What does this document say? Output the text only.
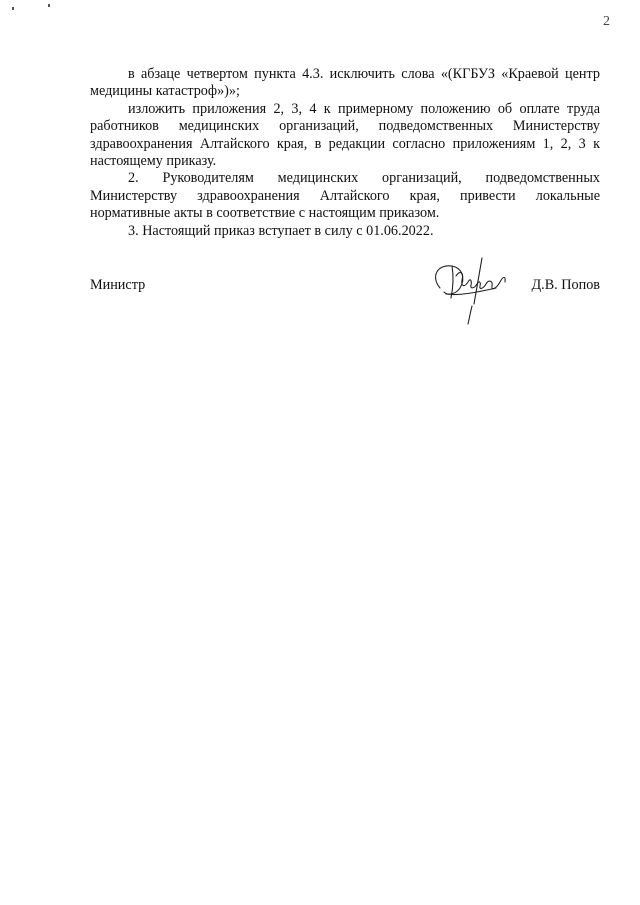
2

в абзаце четвертом пункта 4.3. исключить слова «(КГБУЗ «Краевой центр медицины катастроф»)»;

изложить приложения 2, 3, 4 к примерному положению об оплате труда работников медицинских организаций, подведомственных Министерству здравоохранения Алтайского края, в редакции согласно приложениям 1, 2, 3 к настоящему приказу.

2. Руководителям медицинских организаций, подведомственных Министерству здравоохранения Алтайского края, привести локальные нормативные акты в соответствие с настоящим приказом.

3. Настоящий приказ вступает в силу с 01.06.2022.

Министр	Д.В. Попов
